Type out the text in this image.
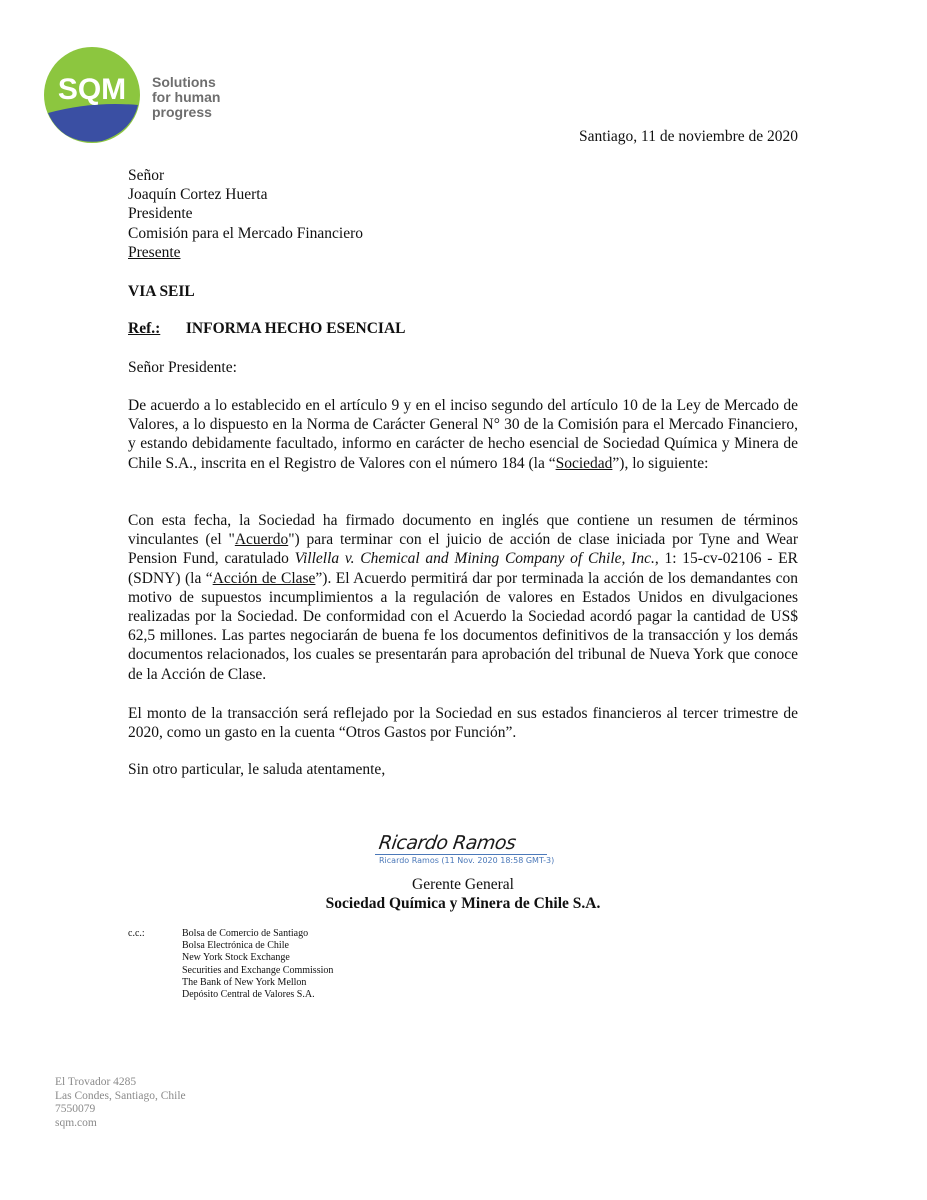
SQM Solutions
for human
progress
Santiago, 11 de noviembre de 2020
Señor
Joaquín Cortez Huerta
Presidente
Comisión para el Mercado Financiero
Presente
VIA SEIL
Ref.: INFORMA HECHO ESENCIAL
Señor Presidente:
De acuerdo a lo establecido en el artículo 9 y en el inciso segundo del artículo 10 de la Ley de Mercado de Valores, a lo dispuesto en la Norma de Carácter General N° 30 de la Comisión para el Mercado Financiero, y estando debidamente facultado, informo en carácter de hecho esencial de Sociedad Química y Minera de Chile S.A., inscrita en el Registro de Valores con el número 184 (la “Sociedad”), lo siguiente:
Con esta fecha, la Sociedad ha firmado documento en inglés que contiene un resumen de términos vinculantes (el "Acuerdo") para terminar con el juicio de acción de clase iniciada por Tyne and Wear Pension Fund, caratulado Villella v. Chemical and Mining Company of Chile, Inc., 1: 15-cv-02106 - ER (SDNY) (la “Acción de Clase”). El Acuerdo permitirá dar por terminada la acción de los demandantes con motivo de supuestos incumplimientos a la regulación de valores en Estados Unidos en divulgaciones realizadas por la Sociedad. De conformidad con el Acuerdo la Sociedad acordó pagar la cantidad de US$ 62,5 millones. Las partes negociarán de buena fe los documentos definitivos de la transacción y los demás documentos relacionados, los cuales se presentarán para aprobación del tribunal de Nueva York que conoce de la Acción de Clase.
El monto de la transacción será reflejado por la Sociedad en sus estados financieros al tercer trimestre de 2020, como un gasto en la cuenta “Otros Gastos por Función”.
Sin otro particular, le saluda atentamente,
Ricardo Ramos
Ricardo Ramos (11 Nov. 2020 18:58 GMT-3)
Gerente General
Sociedad Química y Minera de Chile S.A.
c.c.:	Bolsa de Comercio de Santiago
Bolsa Electrónica de Chile
New York Stock Exchange
Securities and Exchange Commission
The Bank of New York Mellon
Depósito Central de Valores S.A.
El Trovador 4285
Las Condes, Santiago, Chile
7550079
sqm.com
